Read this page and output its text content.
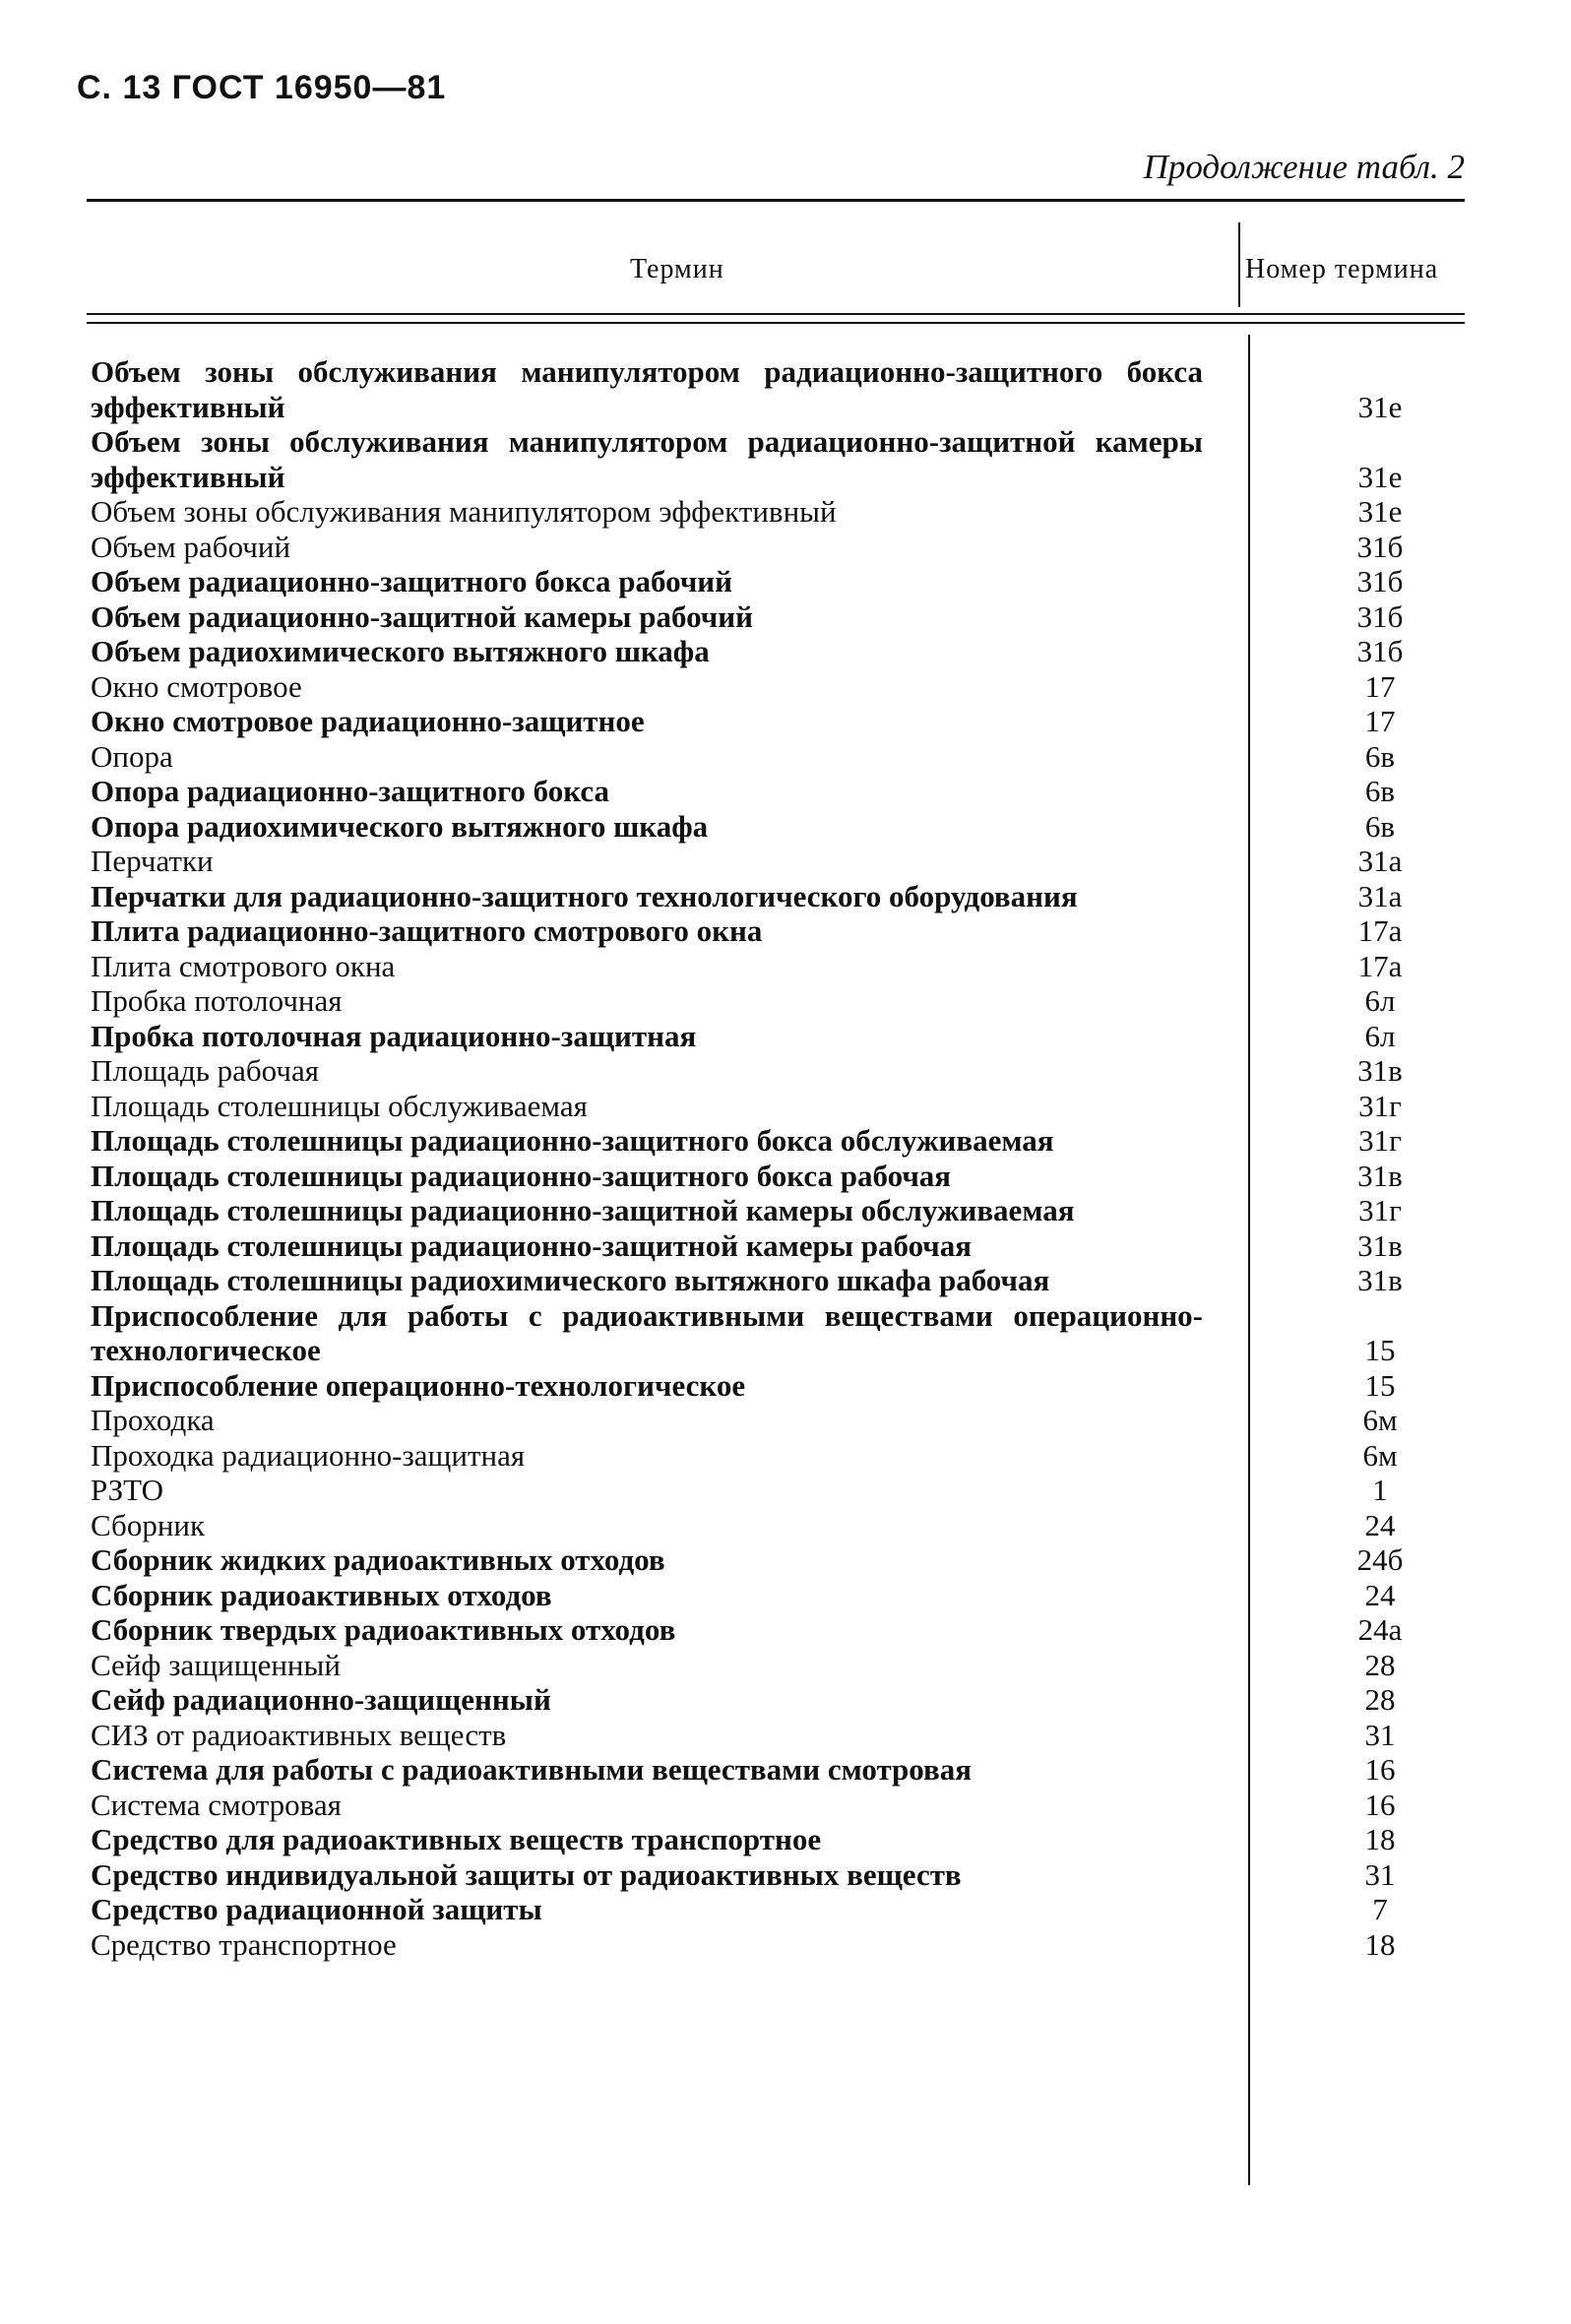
С. 13 ГОСТ 16950—81
Продолжение табл. 2
Термин	Номер термина
Объем зоны обслуживания манипулятором радиационно-защитного бокса эффективный	31е
Объем зоны обслуживания манипулятором радиационно-защитной камеры эффективный	31е
Объем зоны обслуживания манипулятором эффективный	31е
Объем рабочий	31б
Объем радиационно-защитного бокса рабочий	31б
Объем радиационно-защитной камеры рабочий	31б
Объем радиохимического вытяжного шкафа	31б
Окно смотровое	17
Окно смотровое радиационно-защитное	17
Опора	6в
Опора радиационно-защитного бокса	6в
Опора радиохимического вытяжного шкафа	6в
Перчатки	31а
Перчатки для радиационно-защитного технологического оборудования	31а
Плита радиационно-защитного смотрового окна	17а
Плита смотрового окна	17а
Пробка потолочная	6л
Пробка потолочная радиационно-защитная	6л
Площадь рабочая	31в
Площадь столешницы обслуживаемая	31г
Площадь столешницы радиационно-защитного бокса обслуживаемая	31г
Площадь столешницы радиационно-защитного бокса рабочая	31в
Площадь столешницы радиационно-защитной камеры обслуживаемая	31г
Площадь столешницы радиационно-защитной камеры рабочая	31в
Площадь столешницы радиохимического вытяжного шкафа рабочая	31в
Приспособление для работы с радиоактивными веществами операционно-технологическое	15
Приспособление операционно-технологическое	15
Проходка	6м
Проходка радиационно-защитная	6м
РЗТО	1
Сборник	24
Сборник жидких радиоактивных отходов	24б
Сборник радиоактивных отходов	24
Сборник твердых радиоактивных отходов	24а
Сейф защищенный	28
Сейф радиационно-защищенный	28
СИЗ от радиоактивных веществ	31
Система для работы с радиоактивными веществами смотровая	16
Система смотровая	16
Средство для радиоактивных веществ транспортное	18
Средство индивидуальной защиты от радиоактивных веществ	31
Средство радиационной защиты	7
Средство транспортное	18
